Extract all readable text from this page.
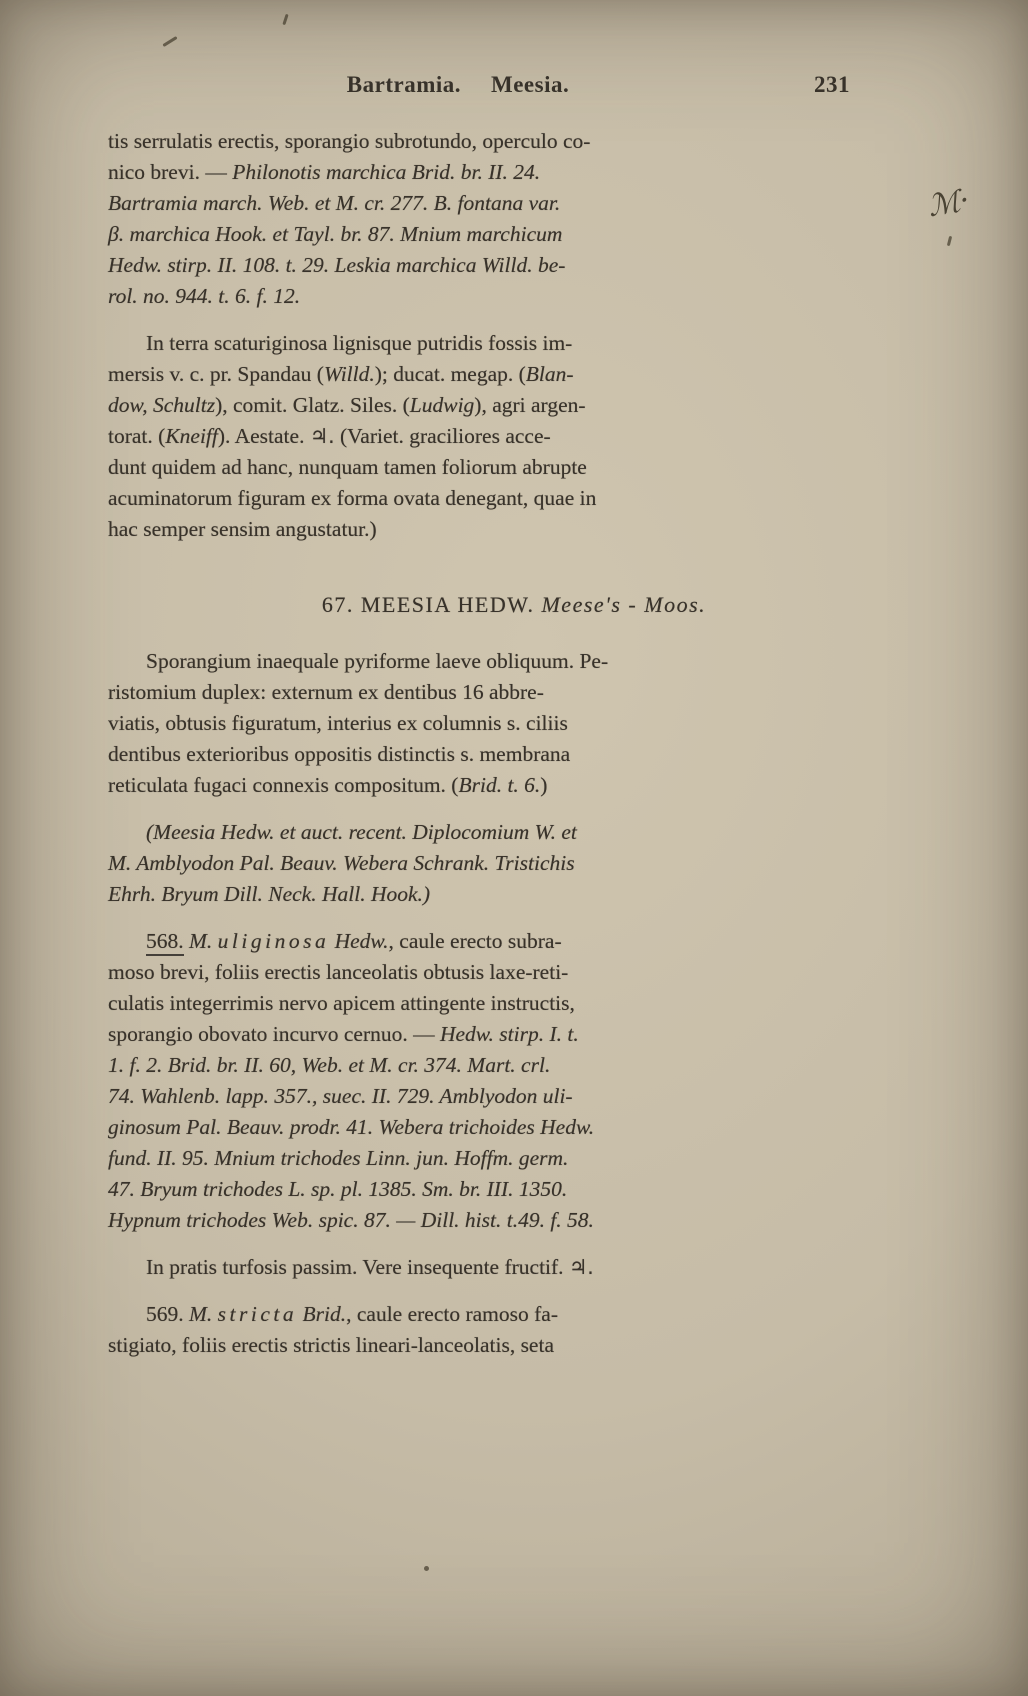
Bartramia. Meesia.	231
tis serrulatis erectis, sporangio subrotundo, operculo co-
nico brevi. — Philonotis marchica Brid. br. II. 24.
Bartramia march. Web. et M. cr. 277. B. fontana var.
β. marchica Hook. et Tayl. br. 87. Mnium marchicum
Hedw. stirp. II. 108. t. 29. Leskia marchica Willd. be-
rol. no. 944. t. 6. f. 12.
In terra scaturiginosa lignisque putridis fossis im-
mersis v. c. pr. Spandau (Willd.); ducat. megap. (Blan-
dow, Schultz), comit. Glatz. Siles. (Ludwig), agri argen-
torat. (Kneiff). Aestate. ♃. (Variet. graciliores acce-
dunt quidem ad hanc, nunquam tamen foliorum abrupte
acuminatorum figuram ex forma ovata denegant, quae in
hac semper sensim angustatur.)
67. MEESIA HEDW. Meese's - Moos.
Sporangium inaequale pyriforme laeve obliquum. Pe-
ristomium duplex: externum ex dentibus 16 abbre-
viatis, obtusis figuratum, interius ex columnis s. ciliis
dentibus exterioribus oppositis distinctis s. membrana
reticulata fugaci connexis compositum. (Brid. t. 6.)
(Meesia Hedw. et auct. recent. Diplocomium W. et
M. Amblyodon Pal. Beauv. Webera Schrank. Tristichis
Ehrh. Bryum Dill. Neck. Hall. Hook.)
568. M. uliginosa Hedw., caule erecto subra-
moso brevi, foliis erectis lanceolatis obtusis laxe-reti-
culatis integerrimis nervo apicem attingente instructis,
sporangio obovato incurvo cernuo. — Hedw. stirp. I. t.
1. f. 2. Brid. br. II. 60, Web. et M. cr. 374. Mart. crl.
74. Wahlenb. lapp. 357., suec. II. 729. Amblyodon uli-
ginosum Pal. Beauv. prodr. 41. Webera trichoides Hedw.
fund. II. 95. Mnium trichodes Linn. jun. Hoffm. germ.
47. Bryum trichodes L. sp. pl. 1385. Sm. br. III. 1350.
Hypnum trichodes Web. spic. 87. — Dill. hist. t.49. f. 58.
In pratis turfosis passim. Vere insequente fructif. ♃.
569. M. stricta Brid., caule erecto ramoso fa-
stigiato, foliis erectis strictis lineari-lanceolatis, seta
ℳ·
